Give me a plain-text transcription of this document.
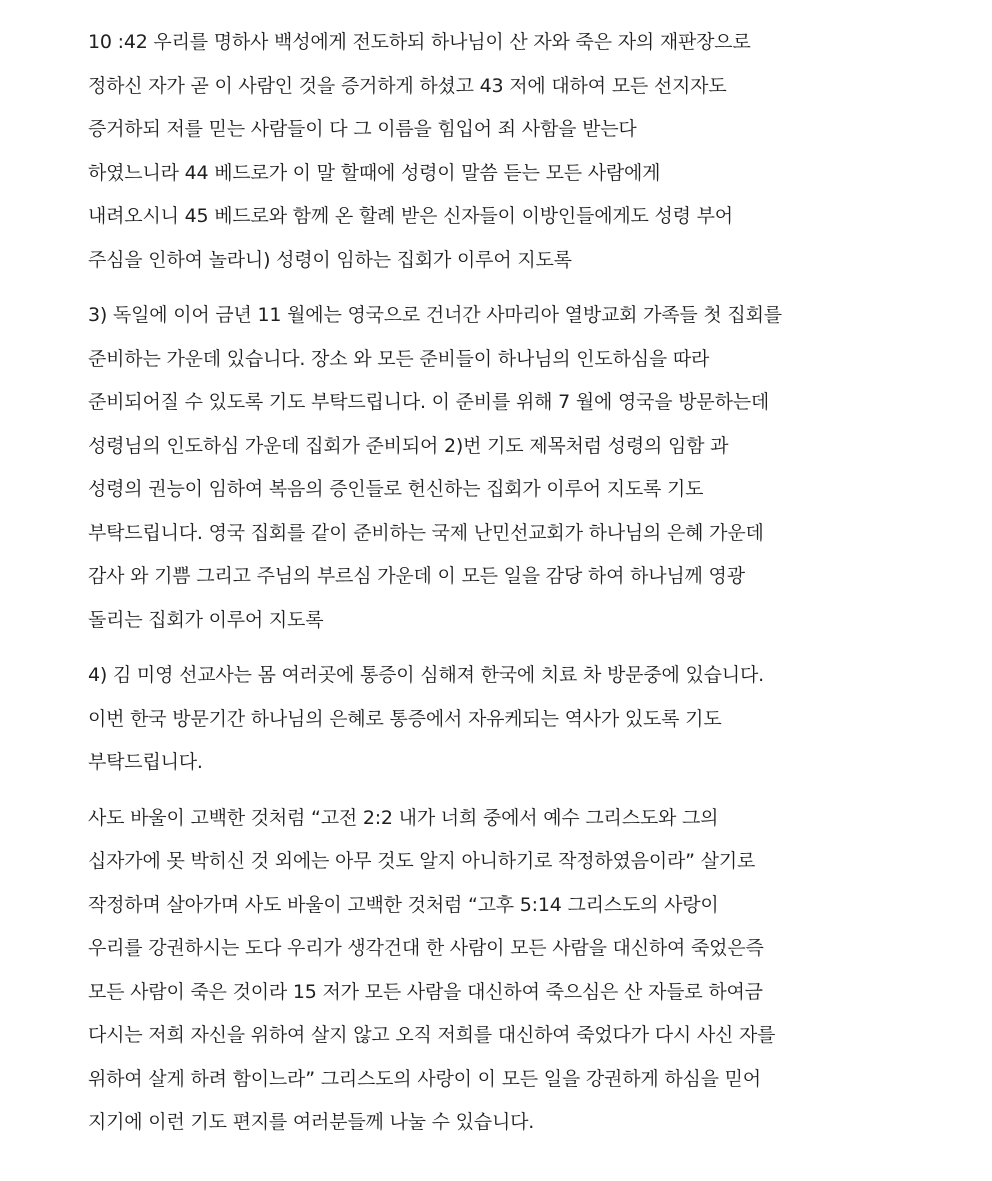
10 :42 우리를 명하사 백성에게 전도하되 하나님이 산 자와 죽은 자의 재판장으로
정하신 자가 곧 이 사람인 것을 증거하게 하셨고 43 저에 대하여 모든 선지자도
증거하되 저를 믿는 사람들이 다 그 이름을 힘입어 죄 사함을 받는다
하였느니라 44 베드로가 이 말 할때에 성령이 말씀 듣는 모든 사람에게
내려오시니 45 베드로와 함께 온 할례 받은 신자들이 이방인들에게도 성령 부어
주심을 인하여 놀라니) 성령이 임하는 집회가 이루어 지도록
3) 독일에 이어 금년 11 월에는 영국으로 건너간 사마리아 열방교회 가족들 첫 집회를
준비하는 가운데 있습니다. 장소 와 모든 준비들이 하나님의 인도하심을 따라
준비되어질 수 있도록 기도 부탁드립니다. 이 준비를 위해 7 월에 영국을 방문하는데
성령님의 인도하심 가운데 집회가 준비되어 2)번 기도 제목처럼 성령의 임함 과
성령의 권능이 임하여 복음의 증인들로 헌신하는 집회가 이루어 지도록 기도
부탁드립니다. 영국 집회를 같이 준비하는 국제 난민선교회가 하나님의 은혜 가운데
감사 와 기쁨 그리고 주님의 부르심 가운데 이 모든 일을 감당 하여 하나님께 영광
돌리는 집회가 이루어 지도록
4) 김 미영 선교사는 몸 여러곳에 통증이 심해져 한국에 치료 차 방문중에 있습니다.
이번 한국 방문기간 하나님의 은혜로 통증에서 자유케되는 역사가 있도록 기도
부탁드립니다.
사도 바울이 고백한 것처럼 “고전 2:2 내가 너희 중에서 예수 그리스도와 그의
십자가에 못 박히신 것 외에는 아무 것도 알지 아니하기로 작정하였음이라” 살기로
작정하며 살아가며 사도 바울이 고백한 것처럼 “고후 5:14 그리스도의 사랑이
우리를 강권하시는 도다 우리가 생각건대 한 사람이 모든 사람을 대신하여 죽었은즉
모든 사람이 죽은 것이라 15 저가 모든 사람을 대신하여 죽으심은 산 자들로 하여금
다시는 저희 자신을 위하여 살지 않고 오직 저희를 대신하여 죽었다가 다시 사신 자를
위하여 살게 하려 함이느라” 그리스도의 사랑이 이 모든 일을 강권하게 하심을 믿어
지기에 이런 기도 편지를 여러분들께 나눌 수 있습니다.
